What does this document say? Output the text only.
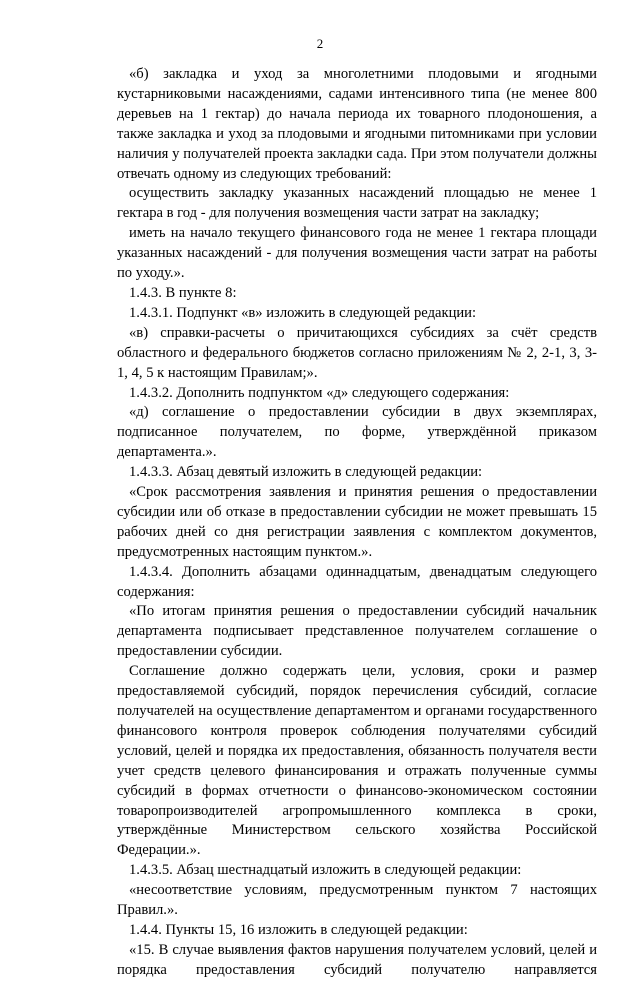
2

«б) закладка и уход за многолетними плодовыми и ягодными кустарниковыми насаждениями, садами интенсивного типа (не менее 800 деревьев на 1 гектар) до начала периода их товарного плодоношения, а также закладка и уход за плодовыми и ягодными питомниками при условии наличия у получателей проекта закладки сада. При этом получатели должны отвечать одному из следующих требований:

осуществить закладку указанных насаждений площадью не менее 1 гектара в год - для получения возмещения части затрат на закладку;

иметь на начало текущего финансового года не менее 1 гектара площади указанных насаждений - для получения возмещения части затрат на работы по уходу.».

1.4.3. В пункте 8:

1.4.3.1. Подпункт «в» изложить в следующей редакции:

«в) справки-расчеты о причитающихся субсидиях за счёт средств областного и федерального бюджетов согласно приложениям № 2, 2-1, 3, 3-1, 4, 5 к настоящим Правилам;».

1.4.3.2. Дополнить подпунктом «д» следующего содержания:

«д) соглашение о предоставлении субсидии в двух экземплярах, подписанное получателем, по форме, утверждённой приказом департамента.».

1.4.3.3. Абзац девятый изложить в следующей редакции:

«Срок рассмотрения заявления и принятия решения о предоставлении субсидии или об отказе в предоставлении субсидии не может превышать 15 рабочих дней со дня регистрации заявления с комплектом документов, предусмотренных настоящим пунктом.».

1.4.3.4. Дополнить абзацами одиннадцатым, двенадцатым следующего содержания:

«По итогам принятия решения о предоставлении субсидий начальник департамента подписывает представленное получателем соглашение о предоставлении субсидии.

Соглашение должно содержать цели, условия, сроки и размер предоставляемой субсидий, порядок перечисления субсидий, согласие получателей на осуществление департаментом и органами государственного финансового контроля проверок соблюдения получателями субсидий условий, целей и порядка их предоставления, обязанность получателя вести учет средств целевого финансирования и отражать полученные суммы субсидий в формах отчетности о финансово-экономическом состоянии товаропроизводителей агропромышленного комплекса в сроки, утверждённые Министерством сельского хозяйства Российской Федерации.».

1.4.3.5. Абзац шестнадцатый изложить в следующей редакции:

«несоответствие условиям, предусмотренным пунктом 7 настоящих Правил.».

1.4.4. Пункты 15, 16 изложить в следующей редакции:

«15. В случае выявления фактов нарушения получателем условий, целей и порядка предоставления субсидий получателю направляется
